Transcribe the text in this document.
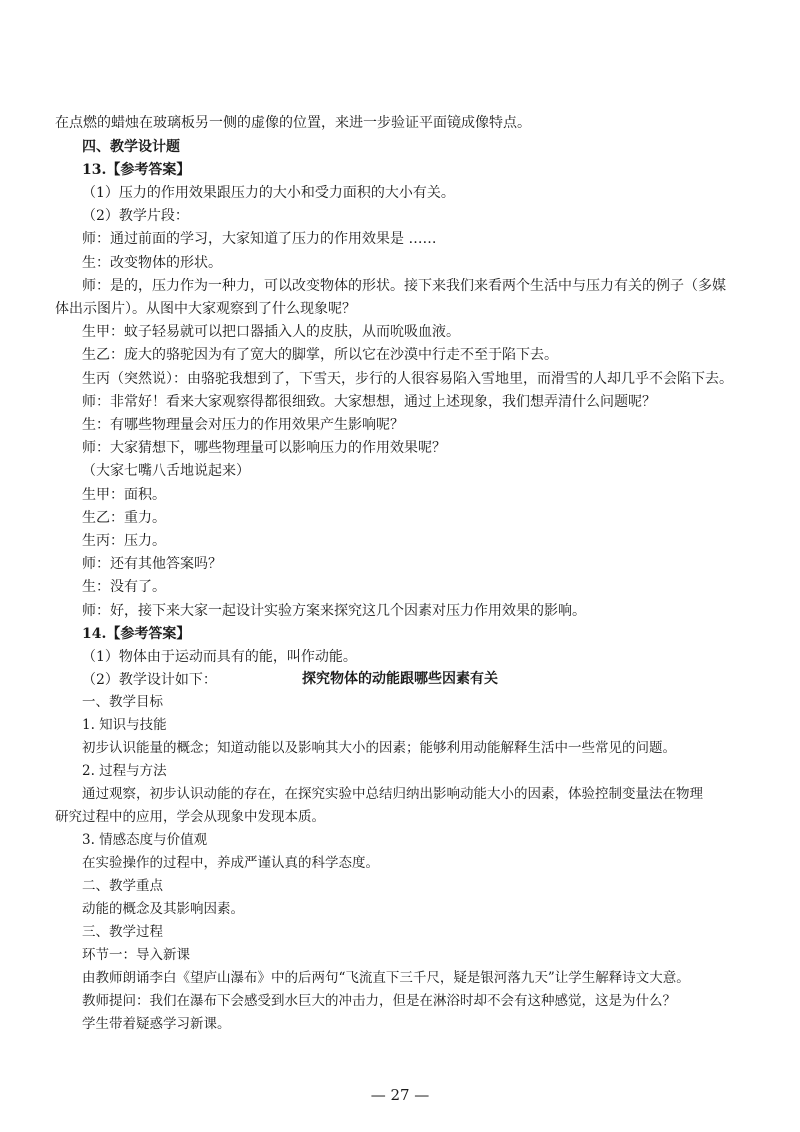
在点燃的蜡烛在玻璃板另一侧的虚像的位置，来进一步验证平面镜成像特点。
四、教学设计题
13.【参考答案】
（1）压力的作用效果跟压力的大小和受力面积的大小有关。
（2）教学片段：
师：通过前面的学习，大家知道了压力的作用效果是 ……
生：改变物体的形状。
师：是的，压力作为一种力，可以改变物体的形状。接下来我们来看两个生活中与压力有关的例子（多媒
体出示图片）。从图中大家观察到了什么现象呢？
生甲：蚊子轻易就可以把口器插入人的皮肤，从而吮吸血液。
生乙：庞大的骆驼因为有了宽大的脚掌，所以它在沙漠中行走不至于陷下去。
生丙（突然说）：由骆驼我想到了，下雪天，步行的人很容易陷入雪地里，而滑雪的人却几乎不会陷下去。
师：非常好！看来大家观察得都很细致。大家想想，通过上述现象，我们想弄清什么问题呢？
生：有哪些物理量会对压力的作用效果产生影响呢？
师：大家猜想下，哪些物理量可以影响压力的作用效果呢？
（大家七嘴八舌地说起来）
生甲：面积。
生乙：重力。
生丙：压力。
师：还有其他答案吗？
生：没有了。
师：好，接下来大家一起设计实验方案来探究这几个因素对压力作用效果的影响。
14.【参考答案】
（1）物体由于运动而具有的能，叫作动能。
（2）教学设计如下：	探究物体的动能跟哪些因素有关
一、教学目标
1. 知识与技能
初步认识能量的概念；知道动能以及影响其大小的因素；能够利用动能解释生活中一些常见的问题。
2. 过程与方法
通过观察，初步认识动能的存在，在探究实验中总结归纳出影响动能大小的因素，体验控制变量法在物理
研究过程中的应用，学会从现象中发现本质。
3. 情感态度与价值观
在实验操作的过程中，养成严谨认真的科学态度。
二、教学重点
动能的概念及其影响因素。
三、教学过程
环节一：导入新课
由教师朗诵李白《望庐山瀑布》中的后两句“飞流直下三千尺，疑是银河落九天”让学生解释诗文大意。
教师提问：我们在瀑布下会感受到水巨大的冲击力，但是在淋浴时却不会有这种感觉，这是为什么？
学生带着疑惑学习新课。
— 27 —
